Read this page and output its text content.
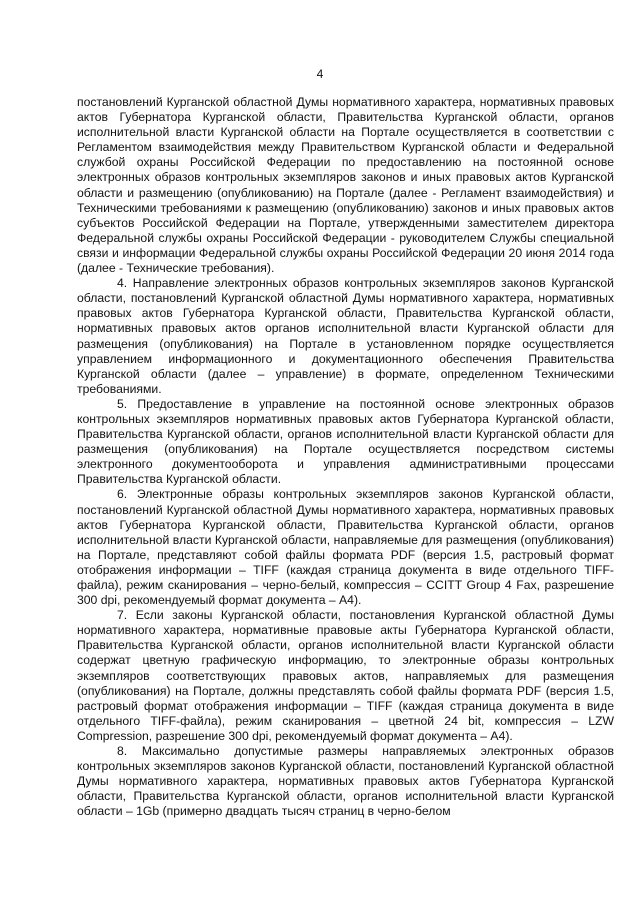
4

постановлений Курганской областной Думы нормативного характера, нормативных правовых актов Губернатора Курганской области, Правительства Курганской области, органов исполнительной власти Курганской области на Портале осуществляется в соответствии с Регламентом взаимодействия между Правительством Курганской области и Федеральной службой охраны Российской Федерации по предоставлению на постоянной основе электронных образов контрольных экземпляров законов и иных правовых актов Курганской области и размещению (опубликованию) на Портале (далее - Регламент взаимодействия) и Техническими требованиями к размещению (опубликованию) законов и иных правовых актов субъектов Российской Федерации на Портале, утвержденными заместителем директора Федеральной службы охраны Российской Федерации - руководителем Службы специальной связи и информации Федеральной службы охраны Российской Федерации 20 июня 2014 года (далее - Технические требования).

4. Направление электронных образов контрольных экземпляров законов Курганской области, постановлений Курганской областной Думы нормативного характера, нормативных правовых актов Губернатора Курганской области, Правительства Курганской области, нормативных правовых актов органов исполнительной власти Курганской области для размещения (опубликования) на Портале в установленном порядке осуществляется управлением информационного и документационного обеспечения Правительства Курганской области (далее – управление) в формате, определенном Техническими требованиями.

5. Предоставление в управление на постоянной основе электронных образов контрольных экземпляров нормативных правовых актов Губернатора Курганской области, Правительства Курганской области, органов исполнительной власти Курганской области для размещения (опубликования) на Портале осуществляется посредством системы электронного документооборота и управления административными процессами Правительства Курганской области.

6. Электронные образы контрольных экземпляров законов Курганской области, постановлений Курганской областной Думы нормативного характера, нормативных правовых актов Губернатора Курганской области, Правительства Курганской области, органов исполнительной власти Курганской области, направляемые для размещения (опубликования) на Портале, представляют собой файлы формата PDF (версия 1.5, растровый формат отображения информации – TIFF (каждая страница документа в виде отдельного TIFF-файла), режим сканирования – черно-белый, компрессия – CCITT Group 4 Fax, разрешение 300 dpi, рекомендуемый формат документа – А4).

7. Если законы Курганской области, постановления Курганской областной Думы нормативного характера, нормативные правовые акты Губернатора Курганской области, Правительства Курганской области, органов исполнительной власти Курганской области содержат цветную графическую информацию, то электронные образы контрольных экземпляров соответствующих правовых актов, направляемых для размещения (опубликования) на Портале, должны представлять собой файлы формата PDF (версия 1.5, растровый формат отображения информации – TIFF (каждая страница документа в виде отдельного TIFF-файла), режим сканирования – цветной 24 bit, компрессия – LZW Compression, разрешение 300 dpi, рекомендуемый формат документа – А4).

8. Максимально допустимые размеры направляемых электронных образов контрольных экземпляров законов Курганской области, постановлений Курганской областной Думы нормативного характера, нормативных правовых актов Губернатора Курганской области, Правительства Курганской области, органов исполнительной власти Курганской области – 1Gb (примерно двадцать тысяч страниц в черно-белом
